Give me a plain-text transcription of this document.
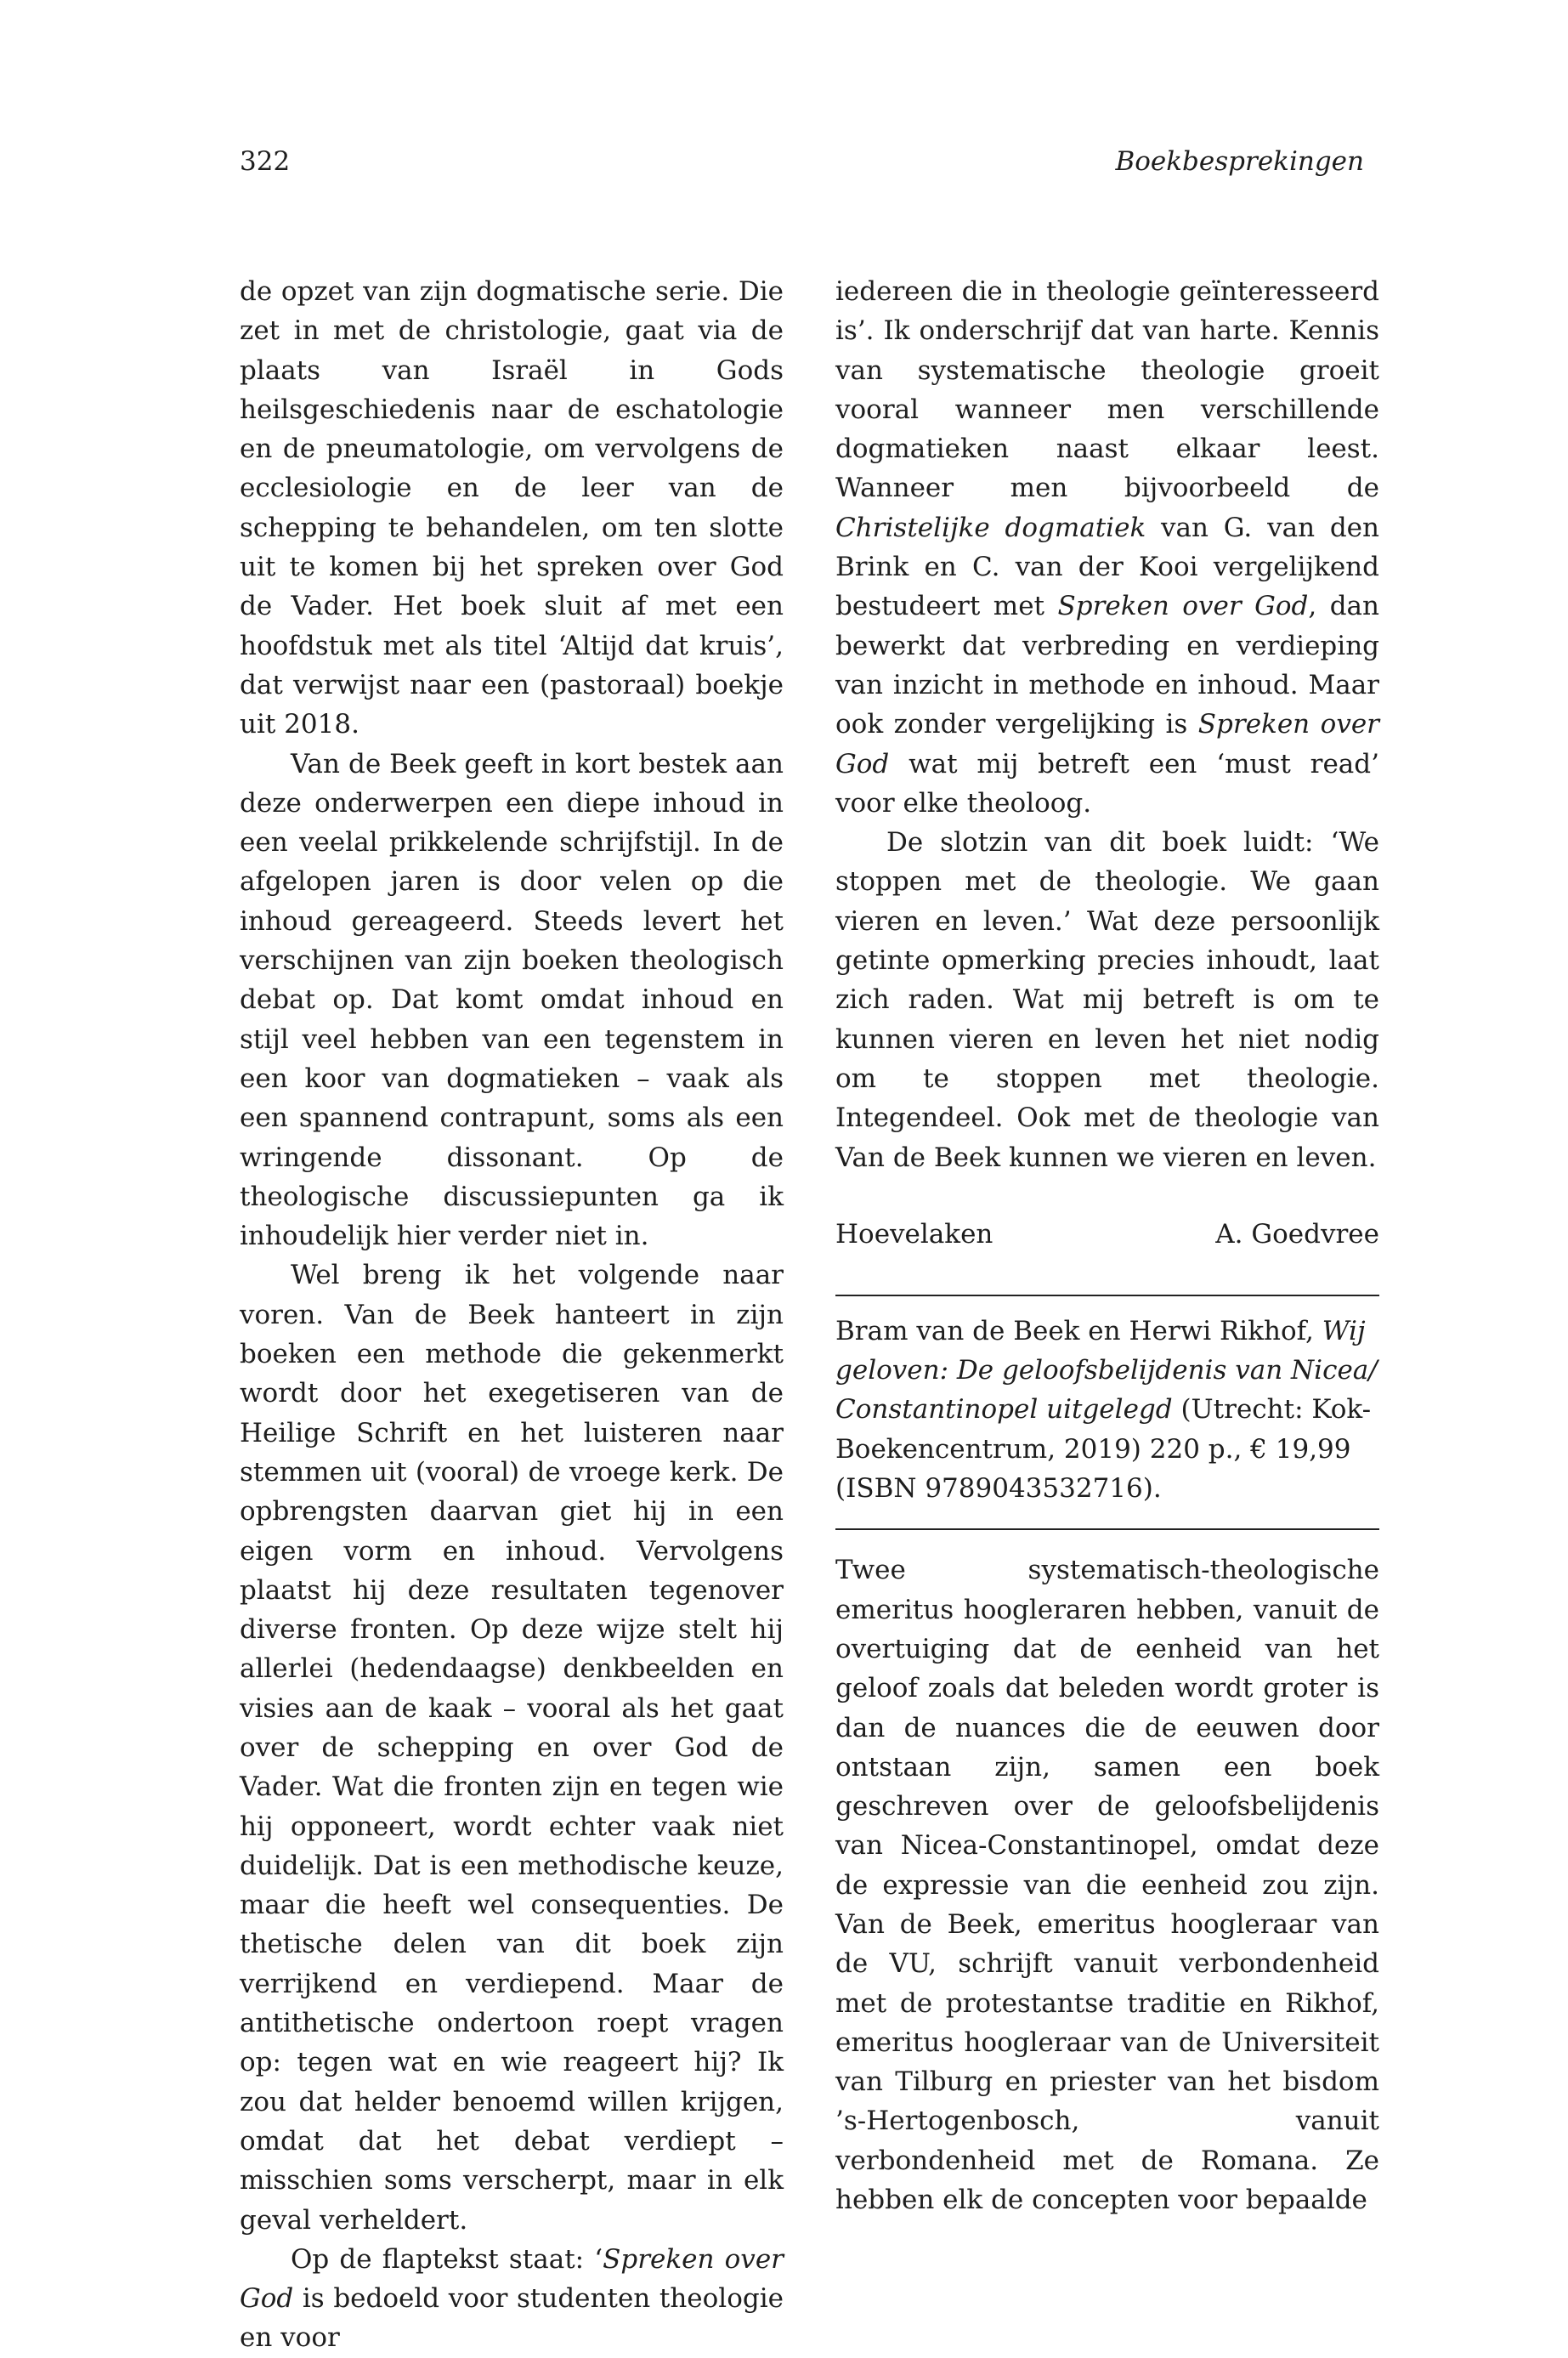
322	Boekbesprekingen

de opzet van zijn dogmatische serie. Die zet in met de christologie, gaat via de plaats van Israël in Gods heilsgeschiedenis naar de eschatologie en de pneumatologie, om vervolgens de ecclesiologie en de leer van de schepping te behandelen, om ten slotte uit te komen bij het spreken over God de Vader. Het boek sluit af met een hoofdstuk met als titel ‘Altijd dat kruis’, dat verwijst naar een (pastoraal) boekje uit 2018.

Van de Beek geeft in kort bestek aan deze onderwerpen een diepe inhoud in een veelal prikkelende schrijfstijl. In de afgelopen jaren is door velen op die inhoud gereageerd. Steeds levert het verschijnen van zijn boeken theologisch debat op. Dat komt omdat inhoud en stijl veel hebben van een tegenstem in een koor van dogmatieken – vaak als een spannend contrapunt, soms als een wringende dissonant. Op de theologische discussiepunten ga ik inhoudelijk hier verder niet in.

Wel breng ik het volgende naar voren. Van de Beek hanteert in zijn boeken een methode die gekenmerkt wordt door het exegetiseren van de Heilige Schrift en het luisteren naar stemmen uit (vooral) de vroege kerk. De opbrengsten daarvan giet hij in een eigen vorm en inhoud. Vervolgens plaatst hij deze resultaten tegenover diverse fronten. Op deze wijze stelt hij allerlei (hedendaagse) denkbeelden en visies aan de kaak – vooral als het gaat over de schepping en over God de Vader. Wat die fronten zijn en tegen wie hij opponeert, wordt echter vaak niet duidelijk. Dat is een methodische keuze, maar die heeft wel consequenties. De thetische delen van dit boek zijn verrijkend en verdiepend. Maar de antithetische ondertoon roept vragen op: tegen wat en wie reageert hij? Ik zou dat helder benoemd willen krijgen, omdat dat het debat verdiept – misschien soms verscherpt, maar in elk geval verheldert.

Op de flaptekst staat: ‘Spreken over God is bedoeld voor studenten theologie en voor

iedereen die in theologie geïnteresseerd is’. Ik onderschrijf dat van harte. Kennis van systematische theologie groeit vooral wanneer men verschillende dogmatieken naast elkaar leest. Wanneer men bijvoorbeeld de Christelijke dogmatiek van G. van den Brink en C. van der Kooi vergelijkend bestudeert met Spreken over God, dan bewerkt dat verbreding en verdieping van inzicht in methode en inhoud. Maar ook zonder vergelijking is Spreken over God wat mij betreft een ‘must read’ voor elke theoloog.

De slotzin van dit boek luidt: ‘We stoppen met de theologie. We gaan vieren en leven.’ Wat deze persoonlijk getinte opmerking precies inhoudt, laat zich raden. Wat mij betreft is om te kunnen vieren en leven het niet nodig om te stoppen met theologie. Integendeel. Ook met de theologie van Van de Beek kunnen we vieren en leven.

Hoevelaken	A. Goedvree

Bram van de Beek en Herwi Rikhof, Wij geloven: De geloofsbelijdenis van Nicea/ Constantinopel uitgelegd (Utrecht: Kok-Boekencentrum, 2019) 220 p., € 19,99 (ISBN 9789043532716).

Twee systematisch-theologische emeritus hoogleraren hebben, vanuit de overtuiging dat de eenheid van het geloof zoals dat beleden wordt groter is dan de nuances die de eeuwen door ontstaan zijn, samen een boek geschreven over de geloofsbelijdenis van Nicea-Constantinopel, omdat deze de expressie van die eenheid zou zijn. Van de Beek, emeritus hoogleraar van de VU, schrijft vanuit verbondenheid met de protestantse traditie en Rikhof, emeritus hoogleraar van de Universiteit van Tilburg en priester van het bisdom ’s-Hertogenbosch, vanuit verbondenheid met de Romana. Ze hebben elk de concepten voor bepaalde
